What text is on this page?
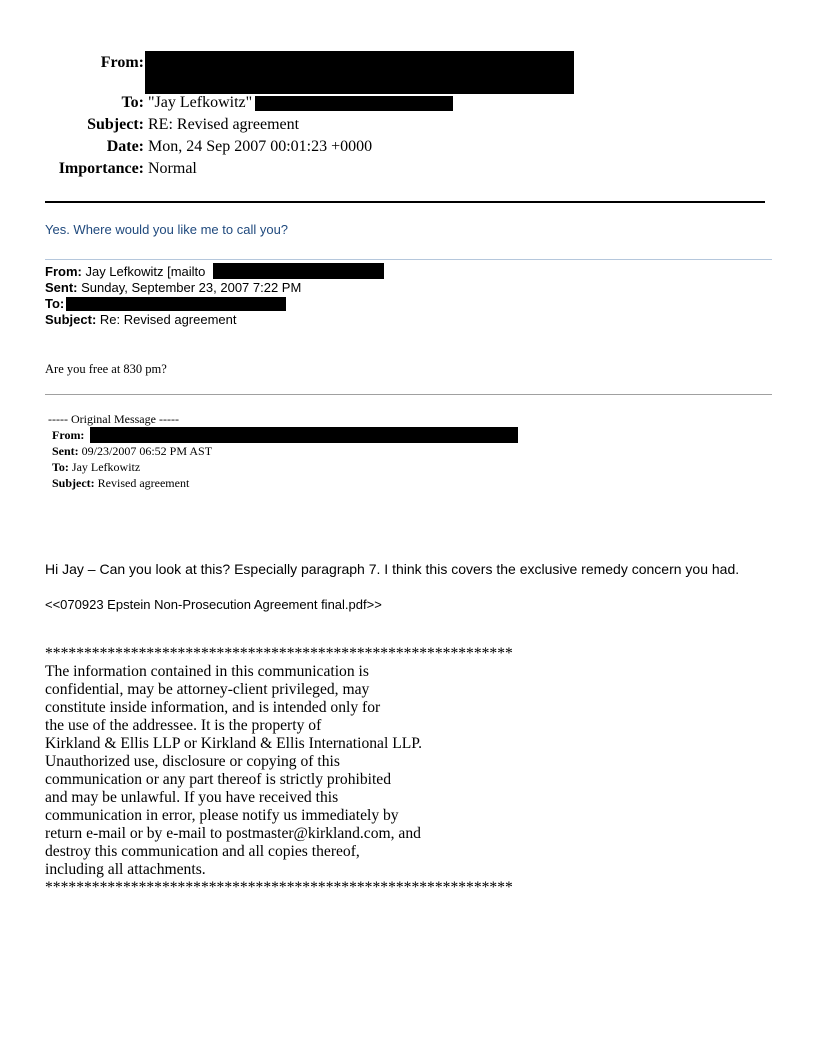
From:
To: "Jay Lefkowitz"
Subject: RE: Revised agreement
Date: Mon, 24 Sep 2007 00:01:23 +0000
Importance: Normal
Yes. Where would you like me to call you?
From: Jay Lefkowitz [mailto
Sent: Sunday, September 23, 2007 7:22 PM
To:
Subject: Re: Revised agreement
Are you free at 830 pm?
----- Original Message -----
From:
Sent: 09/23/2007 06:52 PM AST
To: Jay Lefkowitz
Subject: Revised agreement
Hi Jay – Can you look at this? Especially paragraph 7. I think this covers the exclusive remedy concern you had.
<<070923 Epstein Non-Prosecution Agreement final.pdf>>
************************************************************
The information contained in this communication is
confidential, may be attorney-client privileged, may
constitute inside information, and is intended only for
the use of the addressee. It is the property of
Kirkland & Ellis LLP or Kirkland & Ellis International LLP.
Unauthorized use, disclosure or copying of this
communication or any part thereof is strictly prohibited
and may be unlawful. If you have received this
communication in error, please notify us immediately by
return e-mail or by e-mail to postmaster@kirkland.com, and
destroy this communication and all copies thereof,
including all attachments.
************************************************************
